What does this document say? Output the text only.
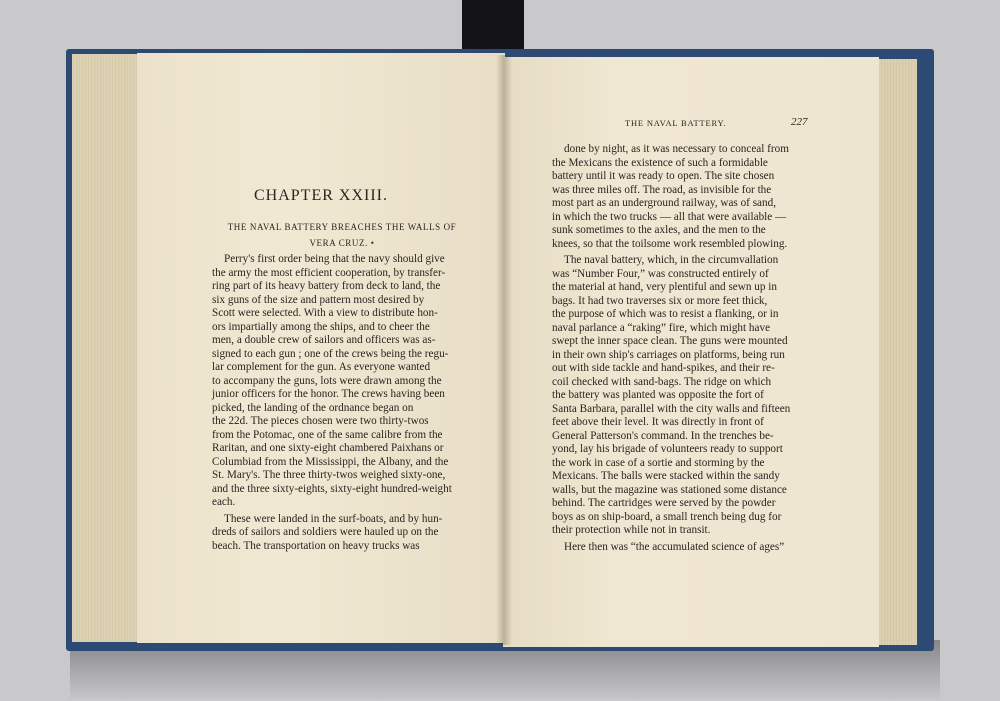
CHAPTER XXIII.
THE NAVAL BATTERY BREACHES THE WALLS OF
VERA CRUZ. •
Perry's first order being that the navy should give
the army the most efficient cooperation, by transfer-
ring part of its heavy battery from deck to land, the
six guns of the size and pattern most desired by
Scott were selected. With a view to distribute hon-
ors impartially among the ships, and to cheer the
men, a double crew of sailors and officers was as-
signed to each gun ; one of the crews being the regu-
lar complement for the gun. As everyone wanted
to accompany the guns, lots were drawn among the
junior officers for the honor. The crews having been
picked, the landing of the ordnance began on
the 22d. The pieces chosen were two thirty-twos
from the Potomac, one of the same calibre from the
Raritan, and one sixty-eight chambered Paixhans or
Columbiad from the Mississippi, the Albany, and the
St. Mary's. The three thirty-twos weighed sixty-one,
and the three sixty-eights, sixty-eight hundred-weight
each.
These were landed in the surf-boats, and by hun-
dreds of sailors and soldiers were hauled up on the
beach. The transportation on heavy trucks was
THE NAVAL BATTERY.	227
done by night, as it was necessary to conceal from
the Mexicans the existence of such a formidable
battery until it was ready to open. The site chosen
was three miles off. The road, as invisible for the
most part as an underground railway, was of sand,
in which the two trucks — all that were available —
sunk sometimes to the axles, and the men to the
knees, so that the toilsome work resembled plowing.
The naval battery, which, in the circumvallation
was “Number Four,” was constructed entirely of
the material at hand, very plentiful and sewn up in
bags. It had two traverses six or more feet thick,
the purpose of which was to resist a flanking, or in
naval parlance a “raking” fire, which might have
swept the inner space clean. The guns were mounted
in their own ship's carriages on platforms, being run
out with side tackle and hand-spikes, and their re-
coil checked with sand-bags. The ridge on which
the battery was planted was opposite the fort of
Santa Barbara, parallel with the city walls and fifteen
feet above their level. It was directly in front of
General Patterson's command. In the trenches be-
yond, lay his brigade of volunteers ready to support
the work in case of a sortie and storming by the
Mexicans. The balls were stacked within the sandy
walls, but the magazine was stationed some distance
behind. The cartridges were served by the powder
boys as on ship-board, a small trench being dug for
their protection while not in transit.
Here then was “the accumulated science of ages”
